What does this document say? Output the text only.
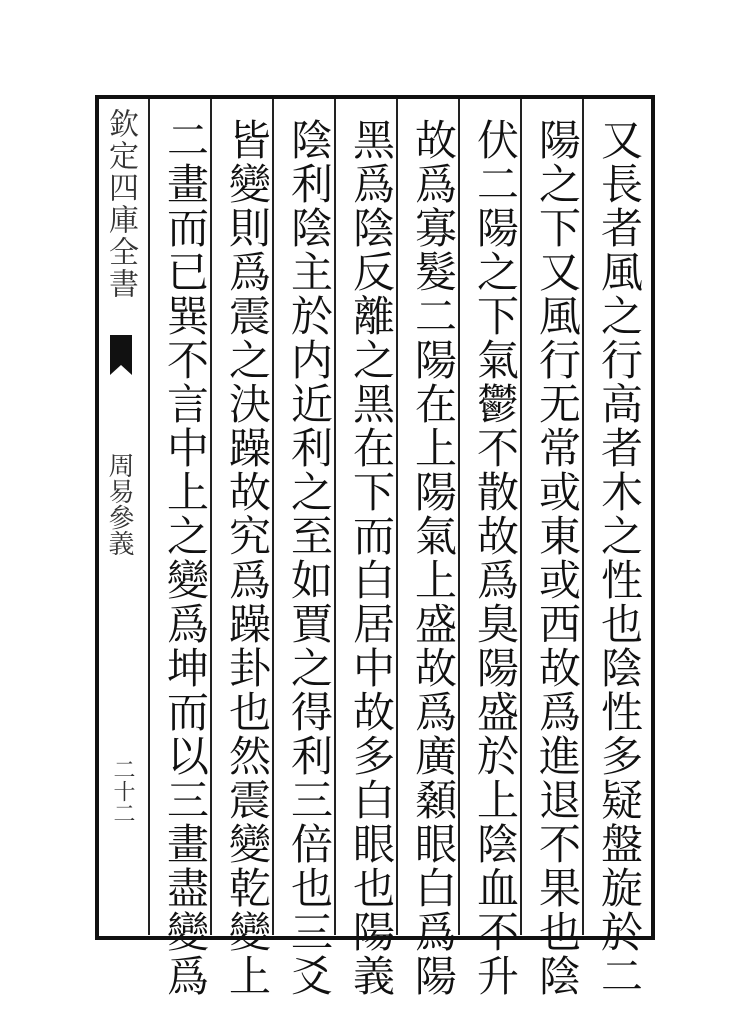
欽定四庫全書
周易參義
二十二	又長者風之行高者木之性也陰性多疑盤旋於二
陽之下又風行无常或東或西故爲進退不果也陰
伏二陽之下氣鬱不散故爲臭陽盛於上陰血不升
故爲寡髮二陽在上陽氣上盛故爲廣顙眼白爲陽
黑爲陰反離之黑在下而白居中故多白眼也陽義
陰利陰主於内近利之至如賈之得利三倍也三爻
皆變則爲震之決躁故究爲躁卦也然震變乾變上
二畫而已巽不言中上之變爲坤而以三畫盡變爲
